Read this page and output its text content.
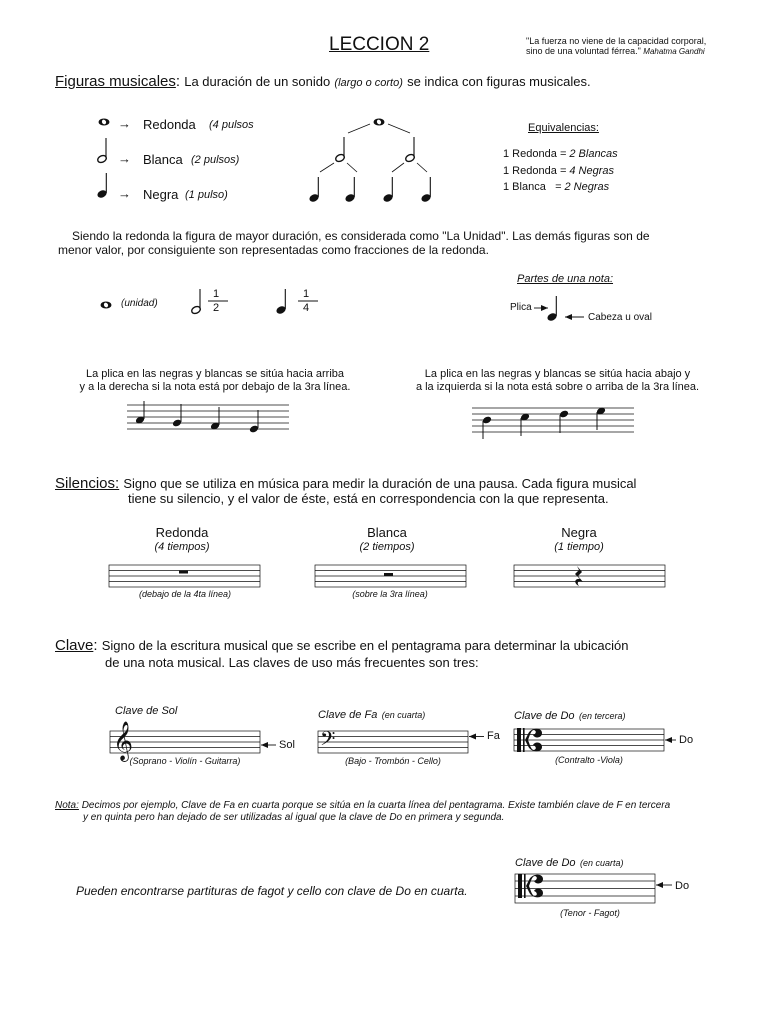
LECCION 2	"La fuerza no viene de la capacidad corporal,
sino de una voluntad férrea." Mahatma Gandhi
Figuras musicales: La duración de un sonido (largo o corto) se indica con figuras musicales.
→ Redonda (4 pulsos
→ Blanca (2 pulsos)
→ Negra (1 pulso)
Equivalencias:
1 Redonda = 2 Blancas
1 Redonda = 4 Negras
1 Blanca = 2 Negras
Siendo la redonda la figura de mayor duración, es considerada como "La Unidad". Las demás figuras son de
menor valor, por consiguiente son representadas como fracciones de la redonda.
(unidad)
1
2
1
4
Partes de una nota:
Plica
Cabeza u oval
La plica en las negras y blancas se sitúa hacia arriba
y a la derecha si la nota está por debajo de la 3ra línea.
La plica en las negras y blancas se sitúa hacia abajo y
a la izquierda si la nota está sobre o arriba de la 3ra línea.
Silencios: Signo que se utiliza en música para medir la duración de una pausa. Cada figura musical
tiene su silencio, y el valor de éste, está en correspondencia con la que representa.
Redonda
(4 tiempos)
(debajo de la 4ta línea)
Blanca
(2 tiempos)
(sobre la 3ra línea)
Negra
(1 tiempo)
Clave: Signo de la escritura musical que se escribe en el pentagrama para determinar la ubicación
de una nota musical. Las claves de uso más frecuentes son tres:
Clave de Sol
Sol
(Soprano - Violín - Guitarra)
Clave de Fa (en cuarta)
Fa
(Bajo - Trombón - Cello)
Clave de Do (en tercera)
Do
(Contralto -Viola)
Nota: Decimos por ejemplo, Clave de Fa en cuarta porque se sitúa en la cuarta línea del pentagrama. Existe también clave de F en tercera
y en quinta pero han dejado de ser utilizadas al igual que la clave de Do en primera y segunda.
Clave de Do (en cuarta)
Do
(Tenor - Fagot)
Pueden encontrarse partituras de fagot y cello con clave de Do en cuarta.
𝄞	𝄢
